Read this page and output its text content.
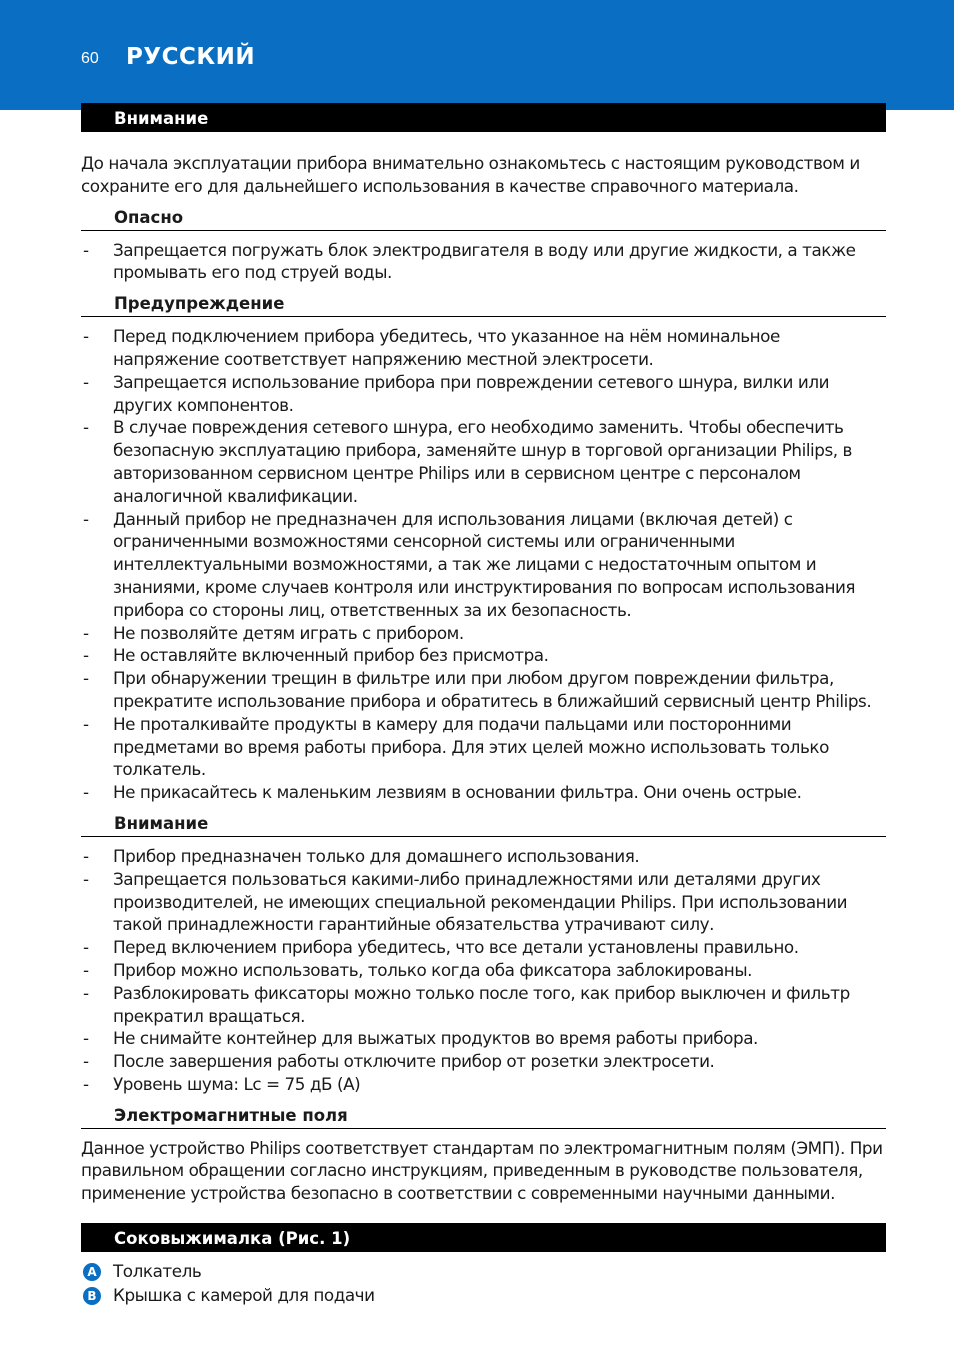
60 РУССКИЙ
Внимание

До начала эксплуатации прибора внимательно ознакомьтесь с настоящим руководством и сохраните его для дальнейшего использования в качестве справочного материала.

Опасно
- Запрещается погружать блок электродвигателя в воду или другие жидкости, а также промывать его под струей воды.
Предупреждение
- Перед подключением прибора убедитесь, что указанное на нём номинальное напряжение соответствует напряжению местной электросети.
- Запрещается использование прибора при повреждении сетевого шнура, вилки или других компонентов.
- В случае повреждения сетевого шнура, его необходимо заменить. Чтобы обеспечить безопасную эксплуатацию прибора, заменяйте шнур в торговой организации Philips, в авторизованном сервисном центре Philips или в сервисном центре с персоналом аналогичной квалификации.
- Данный прибор не предназначен для использования лицами (включая детей) с ограниченными возможностями сенсорной системы или ограниченными интеллектуальными возможностями, а так же лицами с недостаточным опытом и знаниями, кроме случаев контроля или инструктирования по вопросам использования прибора со стороны лиц, ответственных за их безопасность.
- Не позволяйте детям играть с прибором.
- Не оставляйте включенный прибор без присмотра.
- При обнаружении трещин в фильтре или при любом другом повреждении фильтра, прекратите использование прибора и обратитесь в ближайший сервисный центр Philips.
- Не проталкивайте продукты в камеру для подачи пальцами или посторонними предметами во время работы прибора. Для этих целей можно использовать только толкатель.
- Не прикасайтесь к маленьким лезвиям в основании фильтра. Они очень острые.
Внимание
- Прибор предназначен только для домашнего использования.
- Запрещается пользоваться какими-либо принадлежностями или деталями других производителей, не имеющих специальной рекомендации Philips. При использовании такой принадлежности гарантийные обязательства утрачивают силу.
- Перед включением прибора убедитесь, что все детали установлены правильно.
- Прибор можно использовать, только когда оба фиксатора заблокированы.
- Разблокировать фиксаторы можно только после того, как прибор выключен и фильтр прекратил вращаться.
- Не снимайте контейнер для выжатых продуктов во время работы прибора.
- После завершения работы отключите прибор от розетки электросети.
- Уровень шума: Lc = 75 дБ (A)
Электромагнитные поля

Данное устройство Philips соответствует стандартам по электромагнитным полям (ЭМП). При правильном обращении согласно инструкциям, приведенным в руководстве пользователя, применение устройства безопасно в соответствии с современными научными данными.

Соковыжималка (Рис. 1)
A Толкатель
B Крышка с камерой для подачи
